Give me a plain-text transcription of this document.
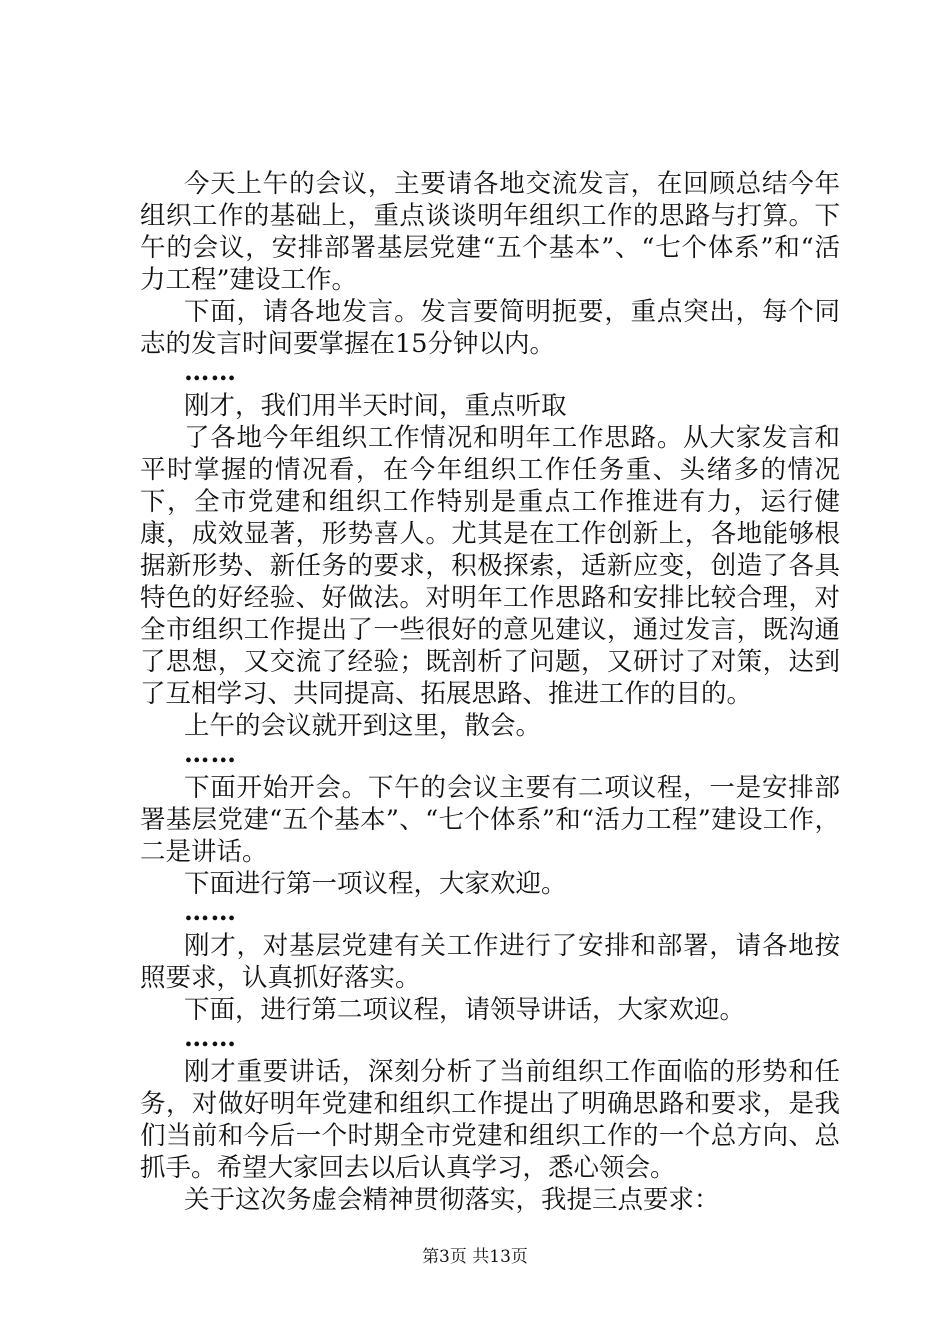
今天上午的会议，主要请各地交流发言，在回顾总结今年组织工作的基础上，重点谈谈明年组织工作的思路与打算。下午的会议，安排部署基层党建“五个基本”、“七个体系”和“活力工程”建设工作。

下面，请各地发言。发言要简明扼要，重点突出，每个同志的发言时间要掌握在15分钟以内。

……

刚才，我们用半天时间，重点听取

了各地今年组织工作情况和明年工作思路。从大家发言和平时掌握的情况看，在今年组织工作任务重、头绪多的情况下，全市党建和组织工作特别是重点工作推进有力，运行健康，成效显著，形势喜人。尤其是在工作创新上，各地能够根据新形势、新任务的要求，积极探索，适新应变，创造了各具特色的好经验、好做法。对明年工作思路和安排比较合理，对全市组织工作提出了一些很好的意见建议，通过发言，既沟通了思想，又交流了经验；既剖析了问题，又研讨了对策，达到了互相学习、共同提高、拓展思路、推进工作的目的。

上午的会议就开到这里，散会。

……

下面开始开会。下午的会议主要有二项议程，一是安排部署基层党建“五个基本”、“七个体系”和“活力工程”建设工作，二是讲话。

下面进行第一项议程，大家欢迎。

……

刚才，对基层党建有关工作进行了安排和部署，请各地按照要求，认真抓好落实。

下面，进行第二项议程，请领导讲话，大家欢迎。

……

刚才重要讲话，深刻分析了当前组织工作面临的形势和任务，对做好明年党建和组织工作提出了明确思路和要求，是我们当前和今后一个时期全市党建和组织工作的一个总方向、总抓手。希望大家回去以后认真学习，悉心领会。

关于这次务虚会精神贯彻落实，我提三点要求：

第3页 共13页
